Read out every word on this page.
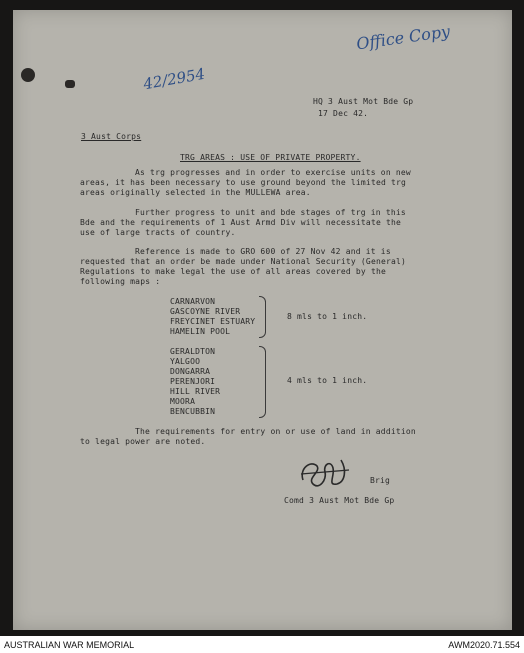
Office Copy
42/2954
HQ 3 Aust Mot Bde Gp
17 Dec 42.
3 Aust Corps
TRG AREAS : USE OF PRIVATE PROPERTY.
As trg progresses and in order to exercise units on new
areas, it has been necessary to use ground beyond the limited trg
areas originally selected in the MULLEWA area.
Further progress to unit and bde stages of trg in this
Bde and the requirements of 1 Aust Armd Div will necessitate the
use of large tracts of country.
Reference is made to GRO 600 of 27 Nov 42 and it is
requested that an order be made under National Security (General)
Regulations to make legal the use of all areas covered by the
following maps :
CARNARVON
GASCOYNE RIVER
FREYCINET ESTUARY
HAMELIN POOL
8 mls to 1 inch.
GERALDTON
YALGOO
DONGARRA
PERENJORI
HILL RIVER
MOORA
BENCUBBIN
4 mls to 1 inch.
The requirements for entry on or use of land in addition
to legal power are noted.
Brig
Comd 3 Aust Mot Bde Gp
AUSTRALIAN WAR MEMORIAL	AWM2020.71.554
